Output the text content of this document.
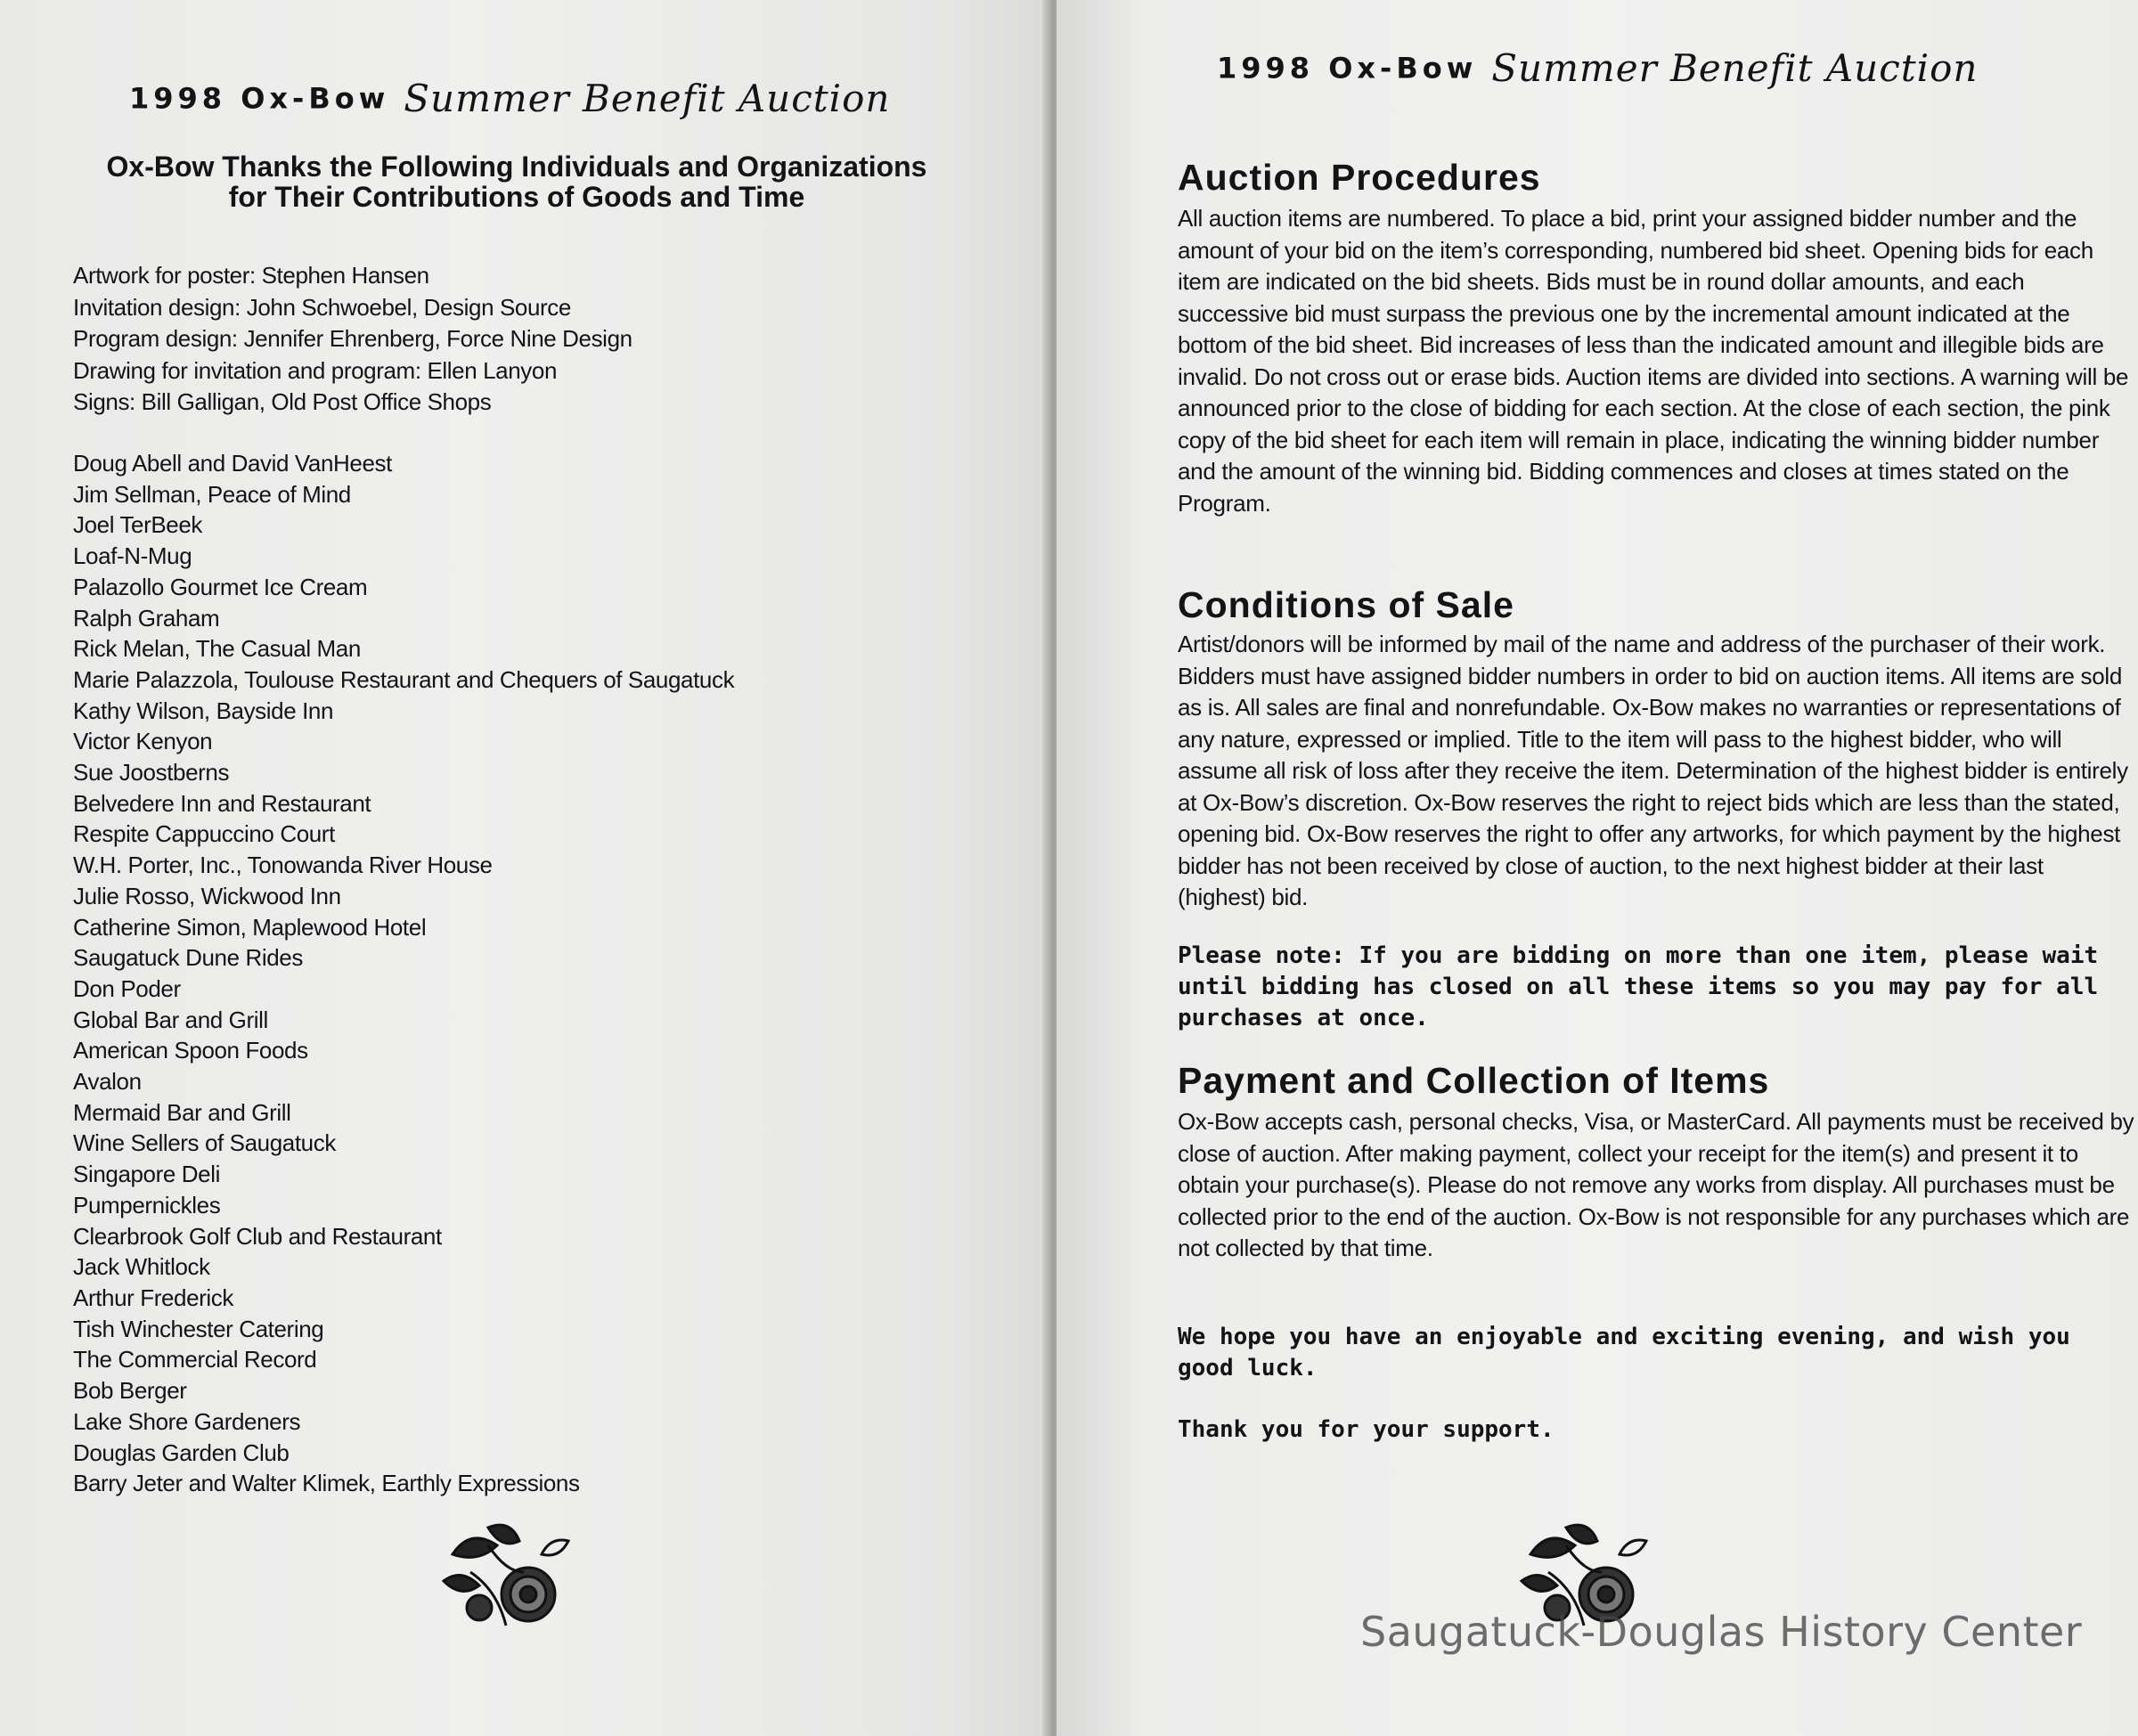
1998 Ox-Bow Summer Benefit Auction
Ox-Bow Thanks the Following Individuals and Organizations
for Their Contributions of Goods and Time
Artwork for poster: Stephen Hansen
Invitation design: John Schwoebel, Design Source
Program design: Jennifer Ehrenberg, Force Nine Design
Drawing for invitation and program: Ellen Lanyon
Signs: Bill Galligan, Old Post Office Shops
Doug Abell and David VanHeest
Jim Sellman, Peace of Mind
Joel TerBeek
Loaf-N-Mug
Palazollo Gourmet Ice Cream
Ralph Graham
Rick Melan, The Casual Man
Marie Palazzola, Toulouse Restaurant and Chequers of Saugatuck
Kathy Wilson, Bayside Inn
Victor Kenyon
Sue Joostberns
Belvedere Inn and Restaurant
Respite Cappuccino Court
W.H. Porter, Inc., Tonowanda River House
Julie Rosso, Wickwood Inn
Catherine Simon, Maplewood Hotel
Saugatuck Dune Rides
Don Poder
Global Bar and Grill
American Spoon Foods
Avalon
Mermaid Bar and Grill
Wine Sellers of Saugatuck
Singapore Deli
Pumpernickles
Clearbrook Golf Club and Restaurant
Jack Whitlock
Arthur Frederick
Tish Winchester Catering
The Commercial Record
Bob Berger
Lake Shore Gardeners
Douglas Garden Club
Barry Jeter and Walter Klimek, Earthly Expressions
1998 Ox-Bow Summer Benefit Auction
Auction Procedures

All auction items are numbered. To place a bid, print your assigned bidder number and the amount of your bid on the item’s corresponding, numbered bid sheet. Opening bids for each item are indicated on the bid sheets. Bids must be in round dollar amounts, and each successive bid must surpass the previous one by the incremental amount indicated at the bottom of the bid sheet. Bid increases of less than the indicated amount and illegible bids are invalid. Do not cross out or erase bids. Auction items are divided into sections. A warning will be announced prior to the close of bidding for each section. At the close of each section, the pink copy of the bid sheet for each item will remain in place, indicating the winning bidder number and the amount of the winning bid. Bidding commences and closes at times stated on the Program.

Conditions of Sale

Artist/donors will be informed by mail of the name and address of the purchaser of their work. Bidders must have assigned bidder numbers in order to bid on auction items. All items are sold as is. All sales are final and nonrefundable. Ox-Bow makes no warranties or representations of any nature, expressed or implied. Title to the item will pass to the highest bidder, who will assume all risk of loss after they receive the item. Determination of the highest bidder is entirely at Ox-Bow’s discretion. Ox-Bow reserves the right to reject bids which are less than the stated, opening bid. Ox-Bow reserves the right to offer any artworks, for which payment by the highest bidder has not been received by close of auction, to the next highest bidder at their last (highest) bid.

Please note: If you are bidding on more than one item, please wait until bidding has closed on all these items so you may pay for all purchases at once.

Payment and Collection of Items

Ox-Bow accepts cash, personal checks, Visa, or MasterCard. All payments must be received by close of auction. After making payment, collect your receipt for the item(s) and present it to obtain your purchase(s). Please do not remove any works from display. All purchases must be collected prior to the end of the auction. Ox-Bow is not responsible for any purchases which are not collected by that time.

We hope you have an enjoyable and exciting evening, and wish you good luck.

Thank you for your support.

Saugatuck-Douglas History Center
